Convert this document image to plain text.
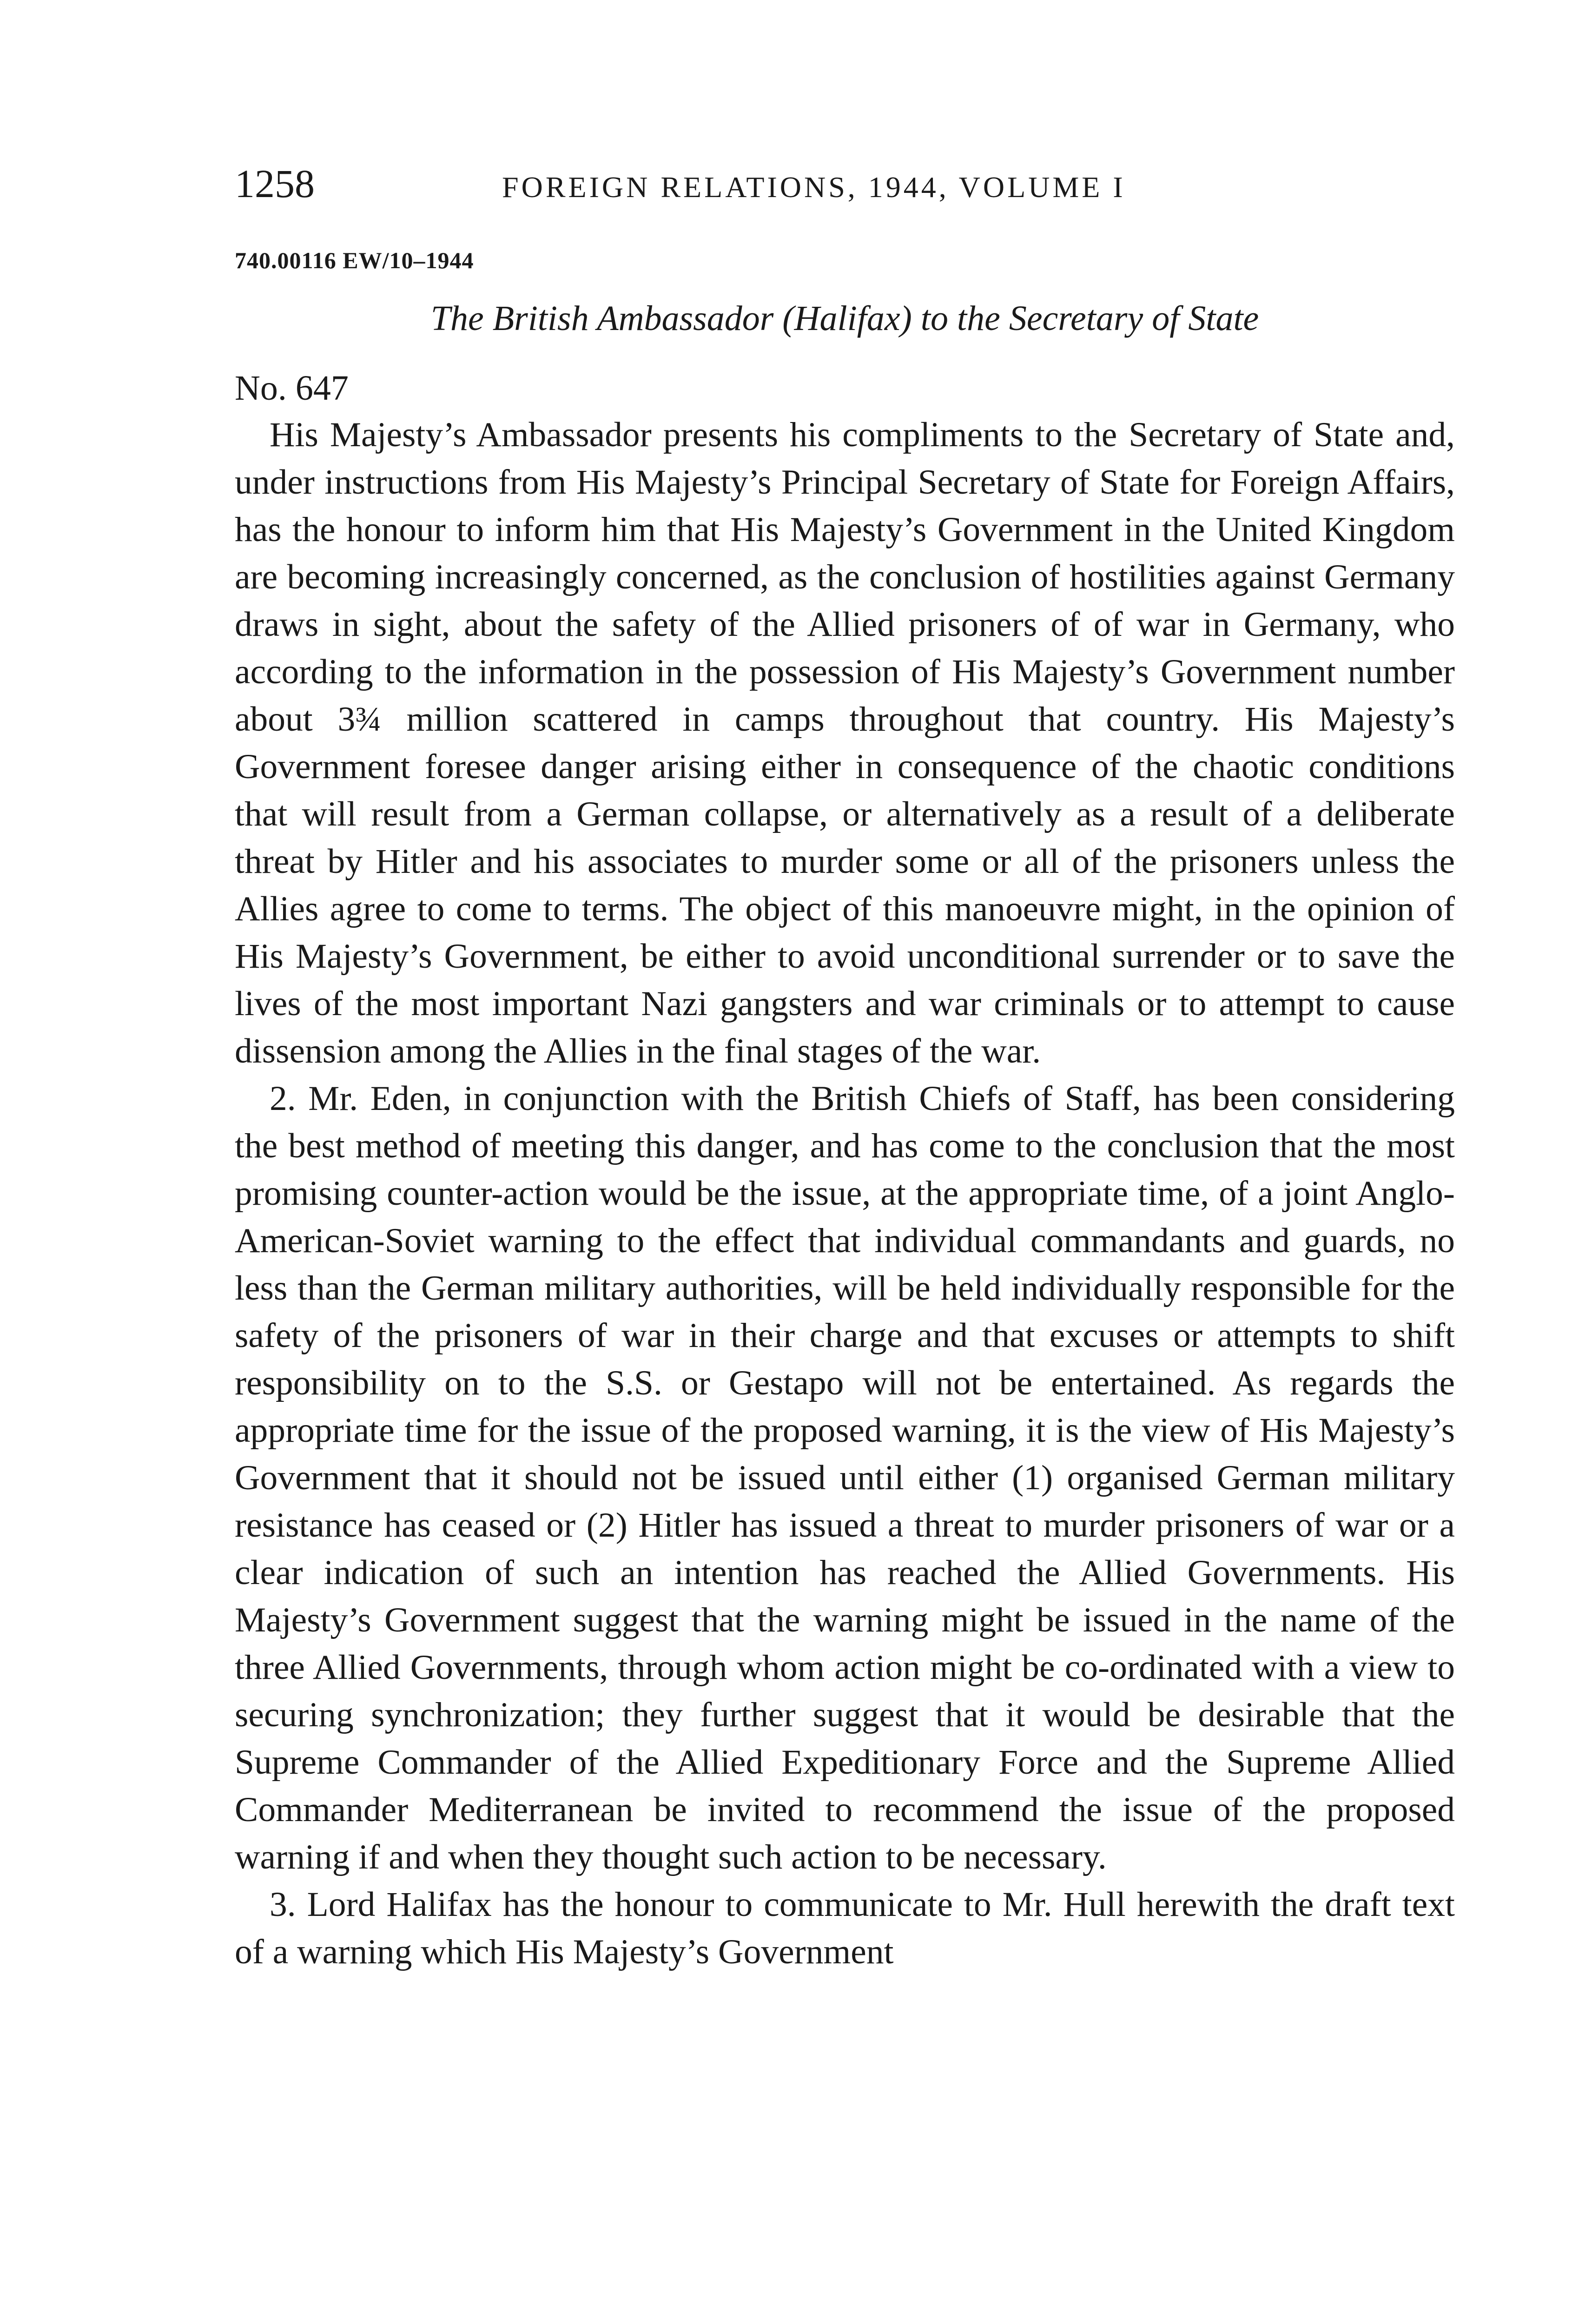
1258	FOREIGN RELATIONS, 1944, VOLUME I
740.00116 EW/10–1944
The British Ambassador (Halifax) to the Secretary of State
No. 647

His Majesty’s Ambassador presents his compliments to the Secretary of State and, under instructions from His Majesty’s Principal Secretary of State for Foreign Affairs, has the honour to inform him that His Majesty’s Government in the United Kingdom are becoming increasingly concerned, as the conclusion of hostilities against Germany draws in sight, about the safety of the Allied prisoners of of war in Germany, who according to the information in the possession of His Majesty’s Government number about 3¾ million scattered in camps throughout that country. His Majesty’s Government foresee danger arising either in consequence of the chaotic conditions that will result from a German collapse, or alternatively as a result of a deliberate threat by Hitler and his associates to murder some or all of the prisoners unless the Allies agree to come to terms. The object of this manoeuvre might, in the opinion of His Majesty’s Government, be either to avoid unconditional surrender or to save the lives of the most important Nazi gangsters and war criminals or to attempt to cause dissension among the Allies in the final stages of the war.

2. Mr. Eden, in conjunction with the British Chiefs of Staff, has been considering the best method of meeting this danger, and has come to the conclusion that the most promising counter-action would be the issue, at the appropriate time, of a joint Anglo-American-Soviet warning to the effect that individual commandants and guards, no less than the German military authorities, will be held individually responsible for the safety of the prisoners of war in their charge and that excuses or attempts to shift responsibility on to the S.S. or Gestapo will not be entertained. As regards the appropriate time for the issue of the proposed warning, it is the view of His Majesty’s Government that it should not be issued until either (1) organised German military resistance has ceased or (2) Hitler has issued a threat to murder prisoners of war or a clear indication of such an intention has reached the Allied Governments. His Majesty’s Government suggest that the warning might be issued in the name of the three Allied Governments, through whom action might be co-ordinated with a view to securing synchronization; they further suggest that it would be desirable that the Supreme Commander of the Allied Expeditionary Force and the Supreme Allied Commander Mediterranean be invited to recommend the issue of the proposed warning if and when they thought such action to be necessary.

3. Lord Halifax has the honour to communicate to Mr. Hull herewith the draft text of a warning which His Majesty’s Government
